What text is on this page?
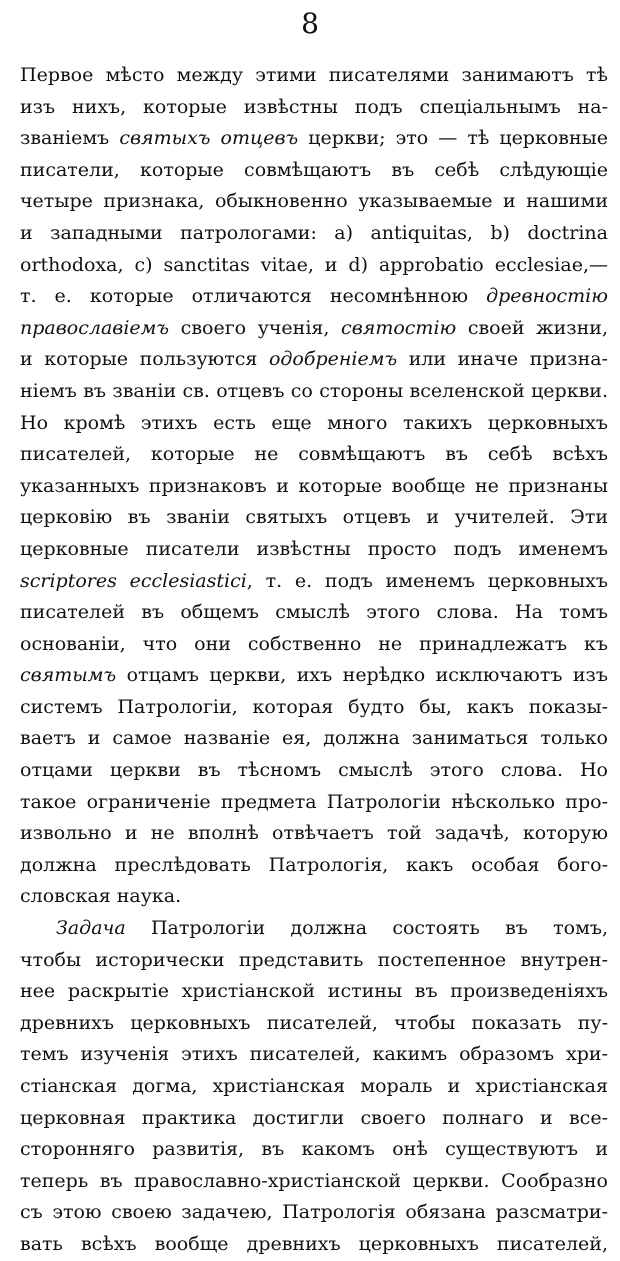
8
Первое мѣсто между этими писателями занимаютъ тѣ
изъ нихъ, которые извѣстны подъ спеціальнымъ на-
званіемъ святыхъ отцевъ церкви; это — тѣ церковные
писатели, которые совмѣщаютъ въ себѣ слѣдующіе
четыре признака, обыкновенно указываемые и нашими
и западными патрологами: a) antiquitas, b) doctrina
orthodoxa, c) sanctitas vitae, и d) approbatio ecclesiae,—
т. е. которые отличаются несомнѣнною древностію
православіемъ своего ученія, святостію своей жизни,
и которые пользуются одобреніемъ или иначе призна-
ніемъ въ званіи св. отцевъ со стороны вселенской церкви.
Но кромѣ этихъ есть еще много такихъ церковныхъ
писателей, которые не совмѣщаютъ въ себѣ всѣхъ
указанныхъ признаковъ и которые вообще не признаны
церковію въ званіи святыхъ отцевъ и учителей. Эти
церковные писатели извѣстны просто подъ именемъ
scriptores ecclesiastici, т. е. подъ именемъ церковныхъ
писателей въ общемъ смыслѣ этого слова. На томъ
основаніи, что они собственно не принадлежатъ къ
святымъ отцамъ церкви, ихъ нерѣдко исключаютъ изъ
системъ Патрологіи, которая будто бы, какъ показы-
ваетъ и самое названіе ея, должна заниматься только
отцами церкви въ тѣсномъ смыслѣ этого слова. Но
такое ограниченіе предмета Патрологіи нѣсколько про-
извольно и не вполнѣ отвѣчаетъ той задачѣ, которую
должна преслѣдовать Патрологія, какъ особая бого-
словская наука.
Задача Патрологіи должна состоять въ томъ,
чтобы исторически представить постепенное внутрен-
нее раскрытіе христіанской истины въ произведеніяхъ
древнихъ церковныхъ писателей, чтобы показать пу-
темъ изученія этихъ писателей, какимъ образомъ хри-
стіанская догма, христіанская мораль и христіанская
церковная практика достигли своего полнаго и все-
сторонняго развитія, въ какомъ онѣ существуютъ и
теперь въ православно-христіанской церкви. Сообразно
съ этою своею задачею, Патрологія обязана разсматри-
вать всѣхъ вообще древнихъ церковныхъ писателей,
